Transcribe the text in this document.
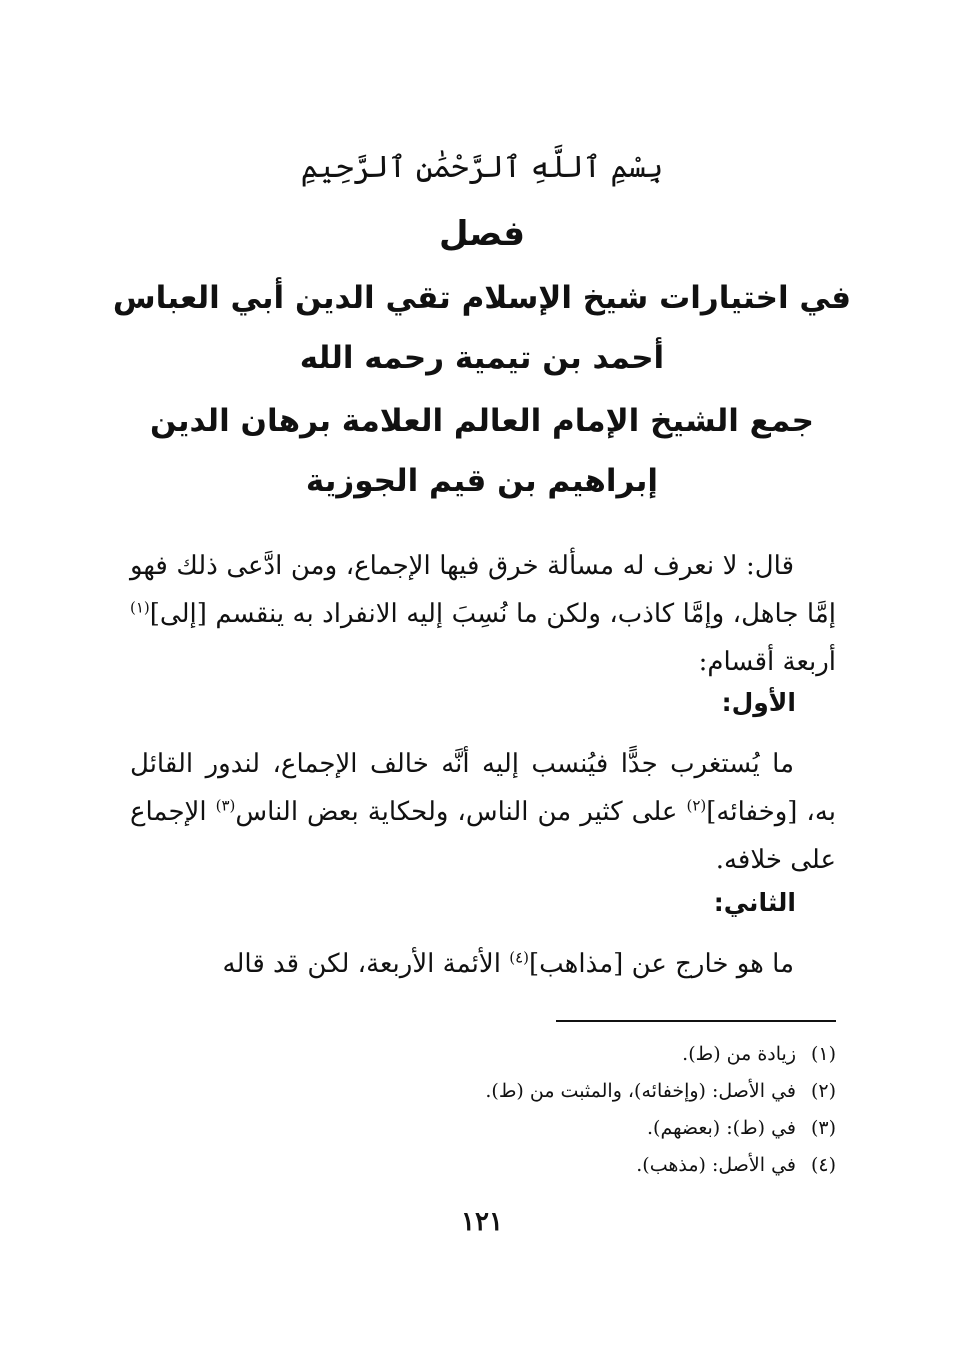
بِسْمِ ٱللَّهِ ٱلرَّحْمَٰنِ ٱلرَّحِيمِ
فصل
في اختيارات شيخ الإسلام تقي الدين أبي العباس
أحمد بن تيمية رحمه الله
جمع الشيخ الإمام العالم العلامة برهان الدين
إبراهيم بن قيم الجوزية

قال: لا نعرف له مسألة خرق فيها الإجماع، ومن ادَّعى ذلك فهو إمَّا جاهل، وإمَّا كاذب، ولكن ما نُسِبَ إليه الانفراد به ينقسم [إلى]$^{(١)}$ أربعة أقسام:

الأول:

ما يُستغرب جدًّا فيُنسب إليه أنَّه خالف الإجماع، لندور القائل به، [وخفائه]$^{(٢)}$ على كثير من الناس، ولحكاية بعض الناس$^{(٣)}$ الإجماع على خلافه.

الثاني:

ما هو خارج عن [مذاهب]$^{(٤)}$ الأئمة الأربعة، لكن قد قاله

(١)زيادة من (ط).
(٢)في الأصل: (وإخفائه)، والمثبت من (ط).
(٣)في (ط): (بعضهم).
(٤)في الأصل: (مذهب).
١٢١
